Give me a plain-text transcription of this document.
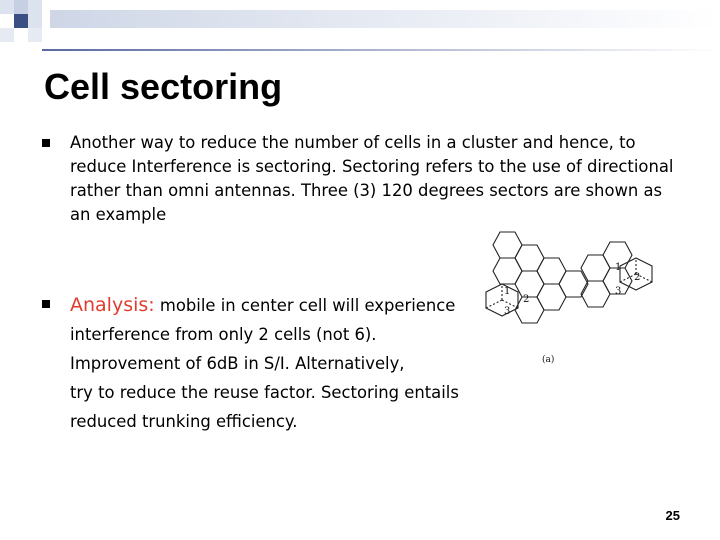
Cell sectoring
Another way to reduce the number of cells in a cluster and hence, to reduce Interference is sectoring. Sectoring refers to the use of directional rather than omni antennas. Three (3) 120 degrees sectors are shown as an example
Analysis: mobile in center cell will experience
interference from only 2 cells (not 6).
Improvement of 6dB in S/I. Alternatively,
try to reduce the reuse factor. Sectoring entails
reduced trunking efficiency.
1
2
3
1
2
3
(a)
25
